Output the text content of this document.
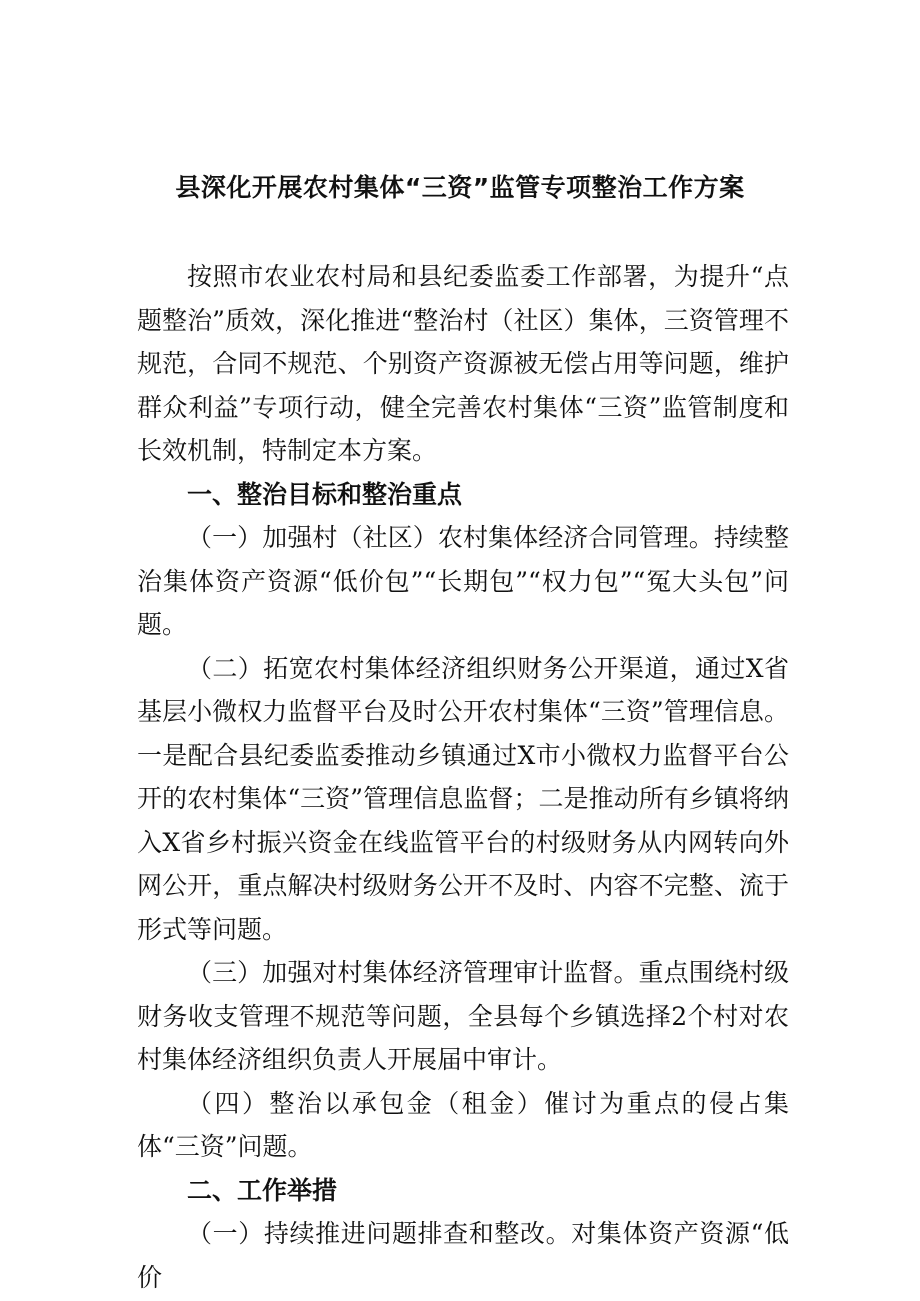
县深化开展农村集体“三资”监管专项整治工作方案

按照市农业农村局和县纪委监委工作部署，为提升“点题整治”质效，深化推进“整治村（社区）集体，三资管理不规范，合同不规范、个别资产资源被无偿占用等问题，维护群众利益”专项行动，健全完善农村集体“三资”监管制度和长效机制，特制定本方案。

一、整治目标和整治重点

（一）加强村（社区）农村集体经济合同管理。持续整治集体资产资源“低价包”“长期包”“权力包”“冤大头包”问题。

（二）拓宽农村集体经济组织财务公开渠道，通过X省基层小微权力监督平台及时公开农村集体“三资”管理信息。一是配合县纪委监委推动乡镇通过X市小微权力监督平台公开的农村集体“三资”管理信息监督；二是推动所有乡镇将纳入X省乡村振兴资金在线监管平台的村级财务从内网转向外网公开，重点解决村级财务公开不及时、内容不完整、流于形式等问题。

（三）加强对村集体经济管理审计监督。重点围绕村级财务收支管理不规范等问题，全县每个乡镇选择2个村对农村集体经济组织负责人开展届中审计。

（四）整治以承包金（租金）催讨为重点的侵占集体“三资”问题。

二、工作举措

（一）持续推进问题排查和整改。对集体资产资源“低价
